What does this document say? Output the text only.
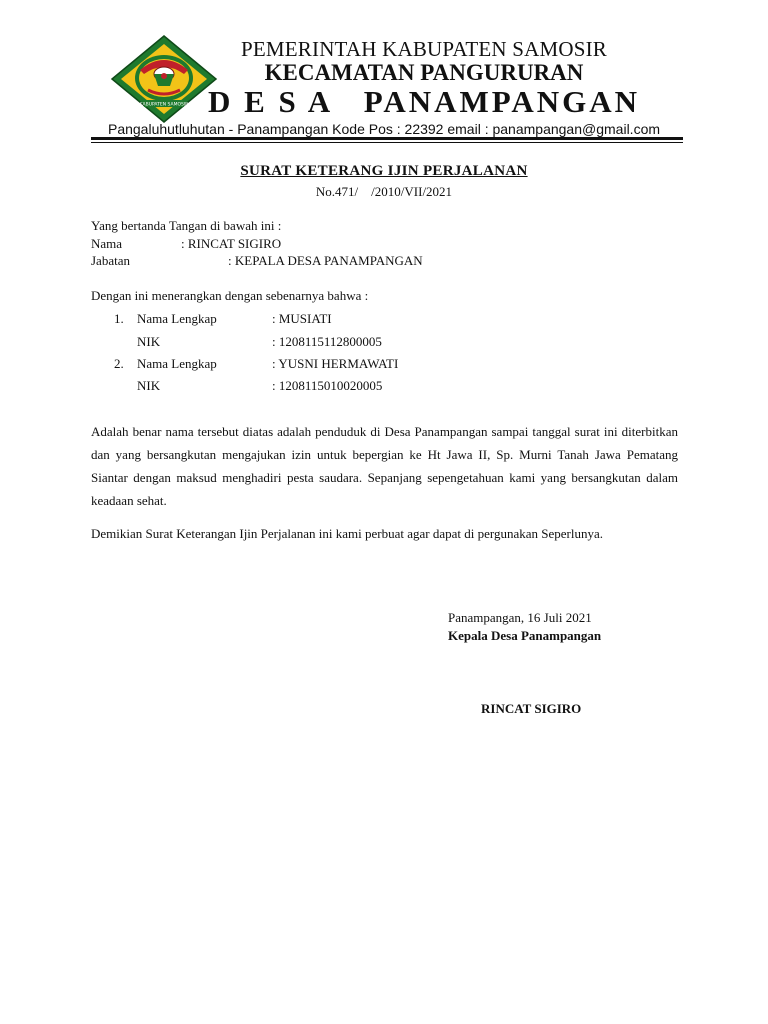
KABUPATEN SAMOSIR
PEMERINTAH KABUPATEN SAMOSIR
KECAMATAN PANGURURAN
D E S A   PANAMPANGAN
Pangaluhutluhutan - Panampangan Kode Pos : 22392 email : panampangan@gmail.com
SURAT KETERANG IJIN PERJALANAN
No.471/    /2010/VII/2021
Yang bertanda Tangan di bawah ini :
Nama	: RINCAT SIGIRO
Jabatan	: KEPALA DESA PANAMPANGAN
Dengan ini menerangkan dengan sebenarnya bahwa :
1. Nama Lengkap	: MUSIATI
NIK	: 1208115112800005
2. Nama Lengkap	: YUSNI HERMAWATI
NIK	: 1208115010020005
Adalah benar nama tersebut diatas adalah penduduk di Desa Panampangan sampai tanggal surat ini diterbitkan dan yang bersangkutan mengajukan izin untuk bepergian ke Ht Jawa II, Sp. Murni Tanah Jawa Pematang Siantar dengan maksud menghadiri pesta saudara. Sepanjang sepengetahuan kami yang bersangkutan dalam keadaan sehat.
Demikian Surat Keterangan Ijin Perjalanan ini kami perbuat agar dapat di pergunakan Seperlunya.
Panampangan, 16 Juli 2021
Kepala Desa Panampangan
RINCAT SIGIRO
